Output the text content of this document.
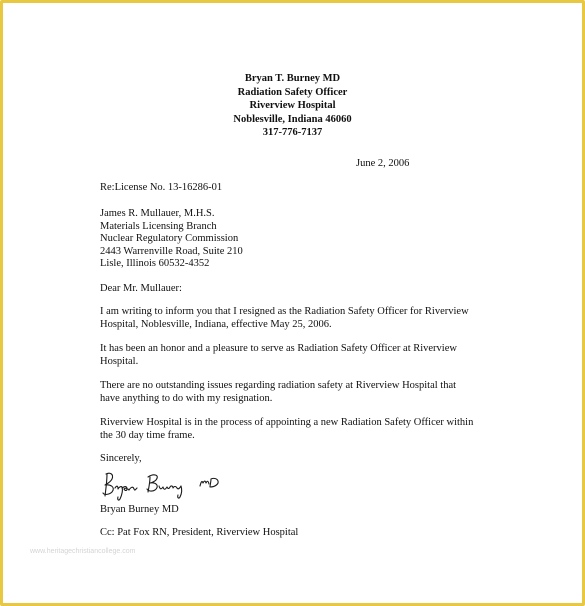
Bryan T. Burney MD
Radiation Safety Officer
Riverview Hospital
Noblesville, Indiana 46060
317-776-7137
June 2, 2006
Re:License No. 13-16286-01
James R. Mullauer, M.H.S.
Materials Licensing Branch
Nuclear Regulatory Commission
2443 Warrenville Road, Suite 210
Lisle, Illinois 60532-4352
Dear Mr. Mullauer:
I am writing to inform you that I resigned as the Radiation Safety Officer for Riverview
Hospital, Noblesville, Indiana, effective May 25, 2006.
It has been an honor and a pleasure to serve as Radiation Safety Officer at Riverview
Hospital.
There are no outstanding issues regarding radiation safety at Riverview Hospital that
have anything to do with my resignation.
Riverview Hospital is in the process of appointing a new Radiation Safety Officer within
the 30 day time frame.
Sincerely,
Bryan Burney MD
Cc: Pat Fox RN, President, Riverview Hospital
www.heritagechristiancollege.com
